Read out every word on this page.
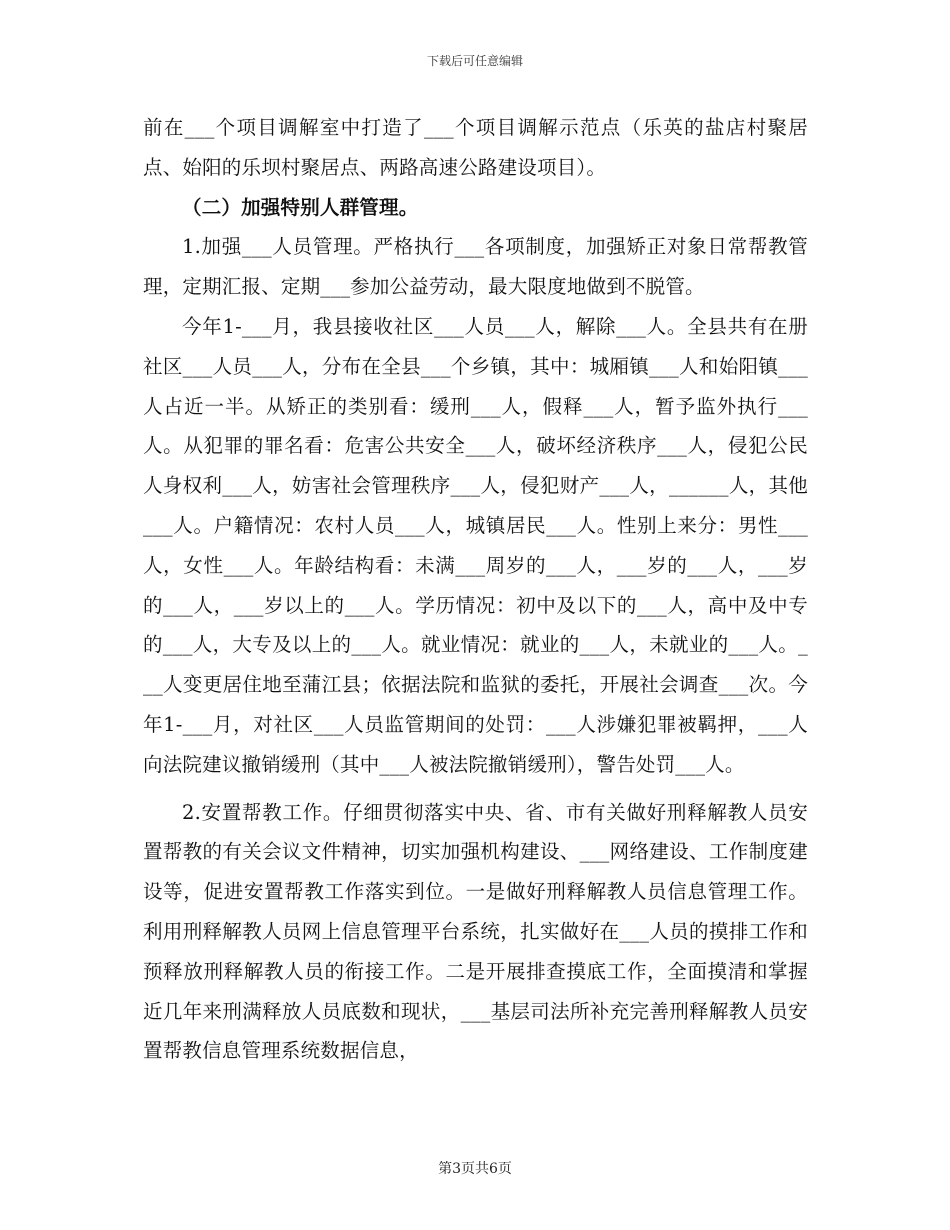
下载后可任意编辑

前在___个项目调解室中打造了___个项目调解示范点（乐英的盐店村聚居点、始阳的乐坝村聚居点、两路高速公路建设项目）。

（二）加强特别人群管理。

1.加强___人员管理。严格执行___各项制度，加强矫正对象日常帮教管理，定期汇报、定期___参加公益劳动，最大限度地做到不脱管。

今年1-___月，我县接收社区___人员___人，解除___人。全县共有在册社区___人员___人，分布在全县___个乡镇，其中：城厢镇___人和始阳镇___人占近一半。从矫正的类别看：缓刑___人，假释___人，暂予监外执行___人。从犯罪的罪名看：危害公共安全___人，破坏经济秩序___人，侵犯公民人身权利___人，妨害社会管理秩序___人，侵犯财产___人，______人，其他___人。户籍情况：农村人员___人，城镇居民___人。性别上来分：男性___人，女性___人。年龄结构看：未满___周岁的___人，___岁的___人，___岁的___人，___岁以上的___人。学历情况：初中及以下的___人，高中及中专的___人，大专及以上的___人。就业情况：就业的___人，未就业的___人。___人变更居住地至蒲江县；依据法院和监狱的委托，开展社会调查___次。今年1-___月，对社区___人员监管期间的处罚：___人涉嫌犯罪被羁押，___人向法院建议撤销缓刑（其中___人被法院撤销缓刑），警告处罚___人。

2.安置帮教工作。仔细贯彻落实中央、省、市有关做好刑释解教人员安置帮教的有关会议文件精神，切实加强机构建设、___网络建设、工作制度建设等，促进安置帮教工作落实到位。一是做好刑释解教人员信息管理工作。利用刑释解教人员网上信息管理平台系统，扎实做好在___人员的摸排工作和预释放刑释解教人员的衔接工作。二是开展排查摸底工作，全面摸清和掌握近几年来刑满释放人员底数和现状，___基层司法所补充完善刑释解教人员安置帮教信息管理系统数据信息，

第3页共6页
